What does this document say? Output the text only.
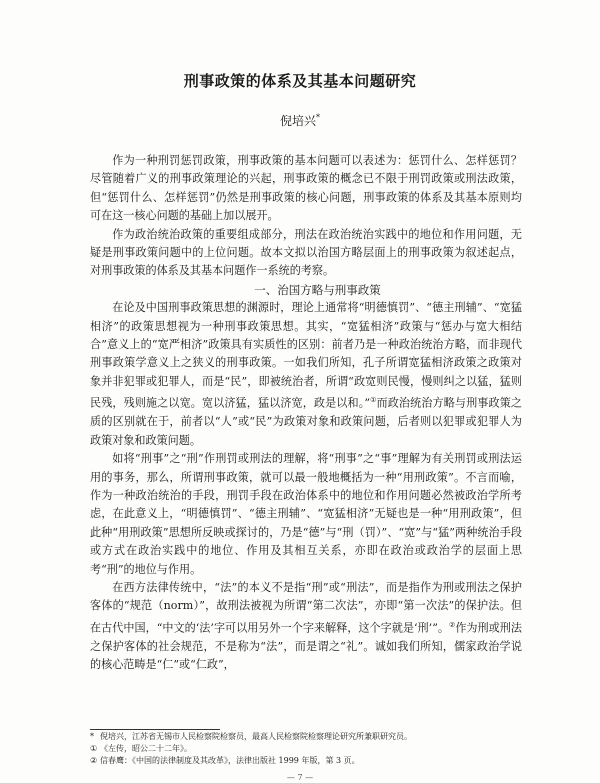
刑事政策的体系及其基本问题研究
倪培兴*

作为一种刑罚惩罚政策，刑事政策的基本问题可以表述为：惩罚什么、怎样惩罚？尽管随着广义的刑事政策理论的兴起，刑事政策的概念已不限于刑罚政策或刑法政策，但“惩罚什么、怎样惩罚”仍然是刑事政策的核心问题，刑事政策的体系及其基本原则均可在这一核心问题的基础上加以展开。

作为政治统治政策的重要组成部分，刑法在政治统治实践中的地位和作用问题，无疑是刑事政策问题中的上位问题。故本文拟以治国方略层面上的刑事政策为叙述起点，对刑事政策的体系及其基本问题作一系统的考察。

一、治国方略与刑事政策

在论及中国刑事政策思想的渊源时，理论上通常将“明德慎罚”、“德主刑辅”、“宽猛相济”的政策思想视为一种刑事政策思想。其实，“宽猛相济”政策与“惩办与宽大相结合”意义上的“宽严相济”政策具有实质性的区别：前者乃是一种政治统治方略，而非现代刑事政策学意义上之狭义的刑事政策。一如我们所知，孔子所谓宽猛相济政策之政策对象并非犯罪或犯罪人，而是“民”，即被统治者，所谓“政宽则民慢，慢则纠之以猛，猛则民残，残则施之以宽。宽以济猛，猛以济宽，政是以和。”①而政治统治方略与刑事政策之质的区别就在于，前者以“人”或“民”为政策对象和政策问题，后者则以犯罪或犯罪人为政策对象和政策问题。

如将“刑事”之“刑”作刑罚或刑法的理解，将“刑事”之“事”理解为有关刑罚或刑法运用的事务，那么，所谓刑事政策，就可以最一般地概括为一种“用刑政策”。不言而喻，作为一种政治统治的手段，刑罚手段在政治体系中的地位和作用问题必然被政治学所考虑，在此意义上，“明德慎罚”、“德主刑辅”、“宽猛相济”无疑也是一种“用刑政策”，但此种“用刑政策”思想所反映或探讨的，乃是“德”与“刑（罚）”、“宽”与“猛”两种统治手段或方式在政治实践中的地位、作用及其相互关系，亦即在政治或政治学的层面上思考“刑”的地位与作用。

在西方法律传统中，“法”的本义不是指“刑”或“刑法”，而是指作为刑或刑法之保护客体的“规范（norm）”，故刑法被视为所谓“第二次法”，亦即“第一次法”的保护法。但在古代中国，“中文的‘法’字可以用另外一个字来解释，这个字就是‘刑’”。②作为刑或刑法之保护客体的社会规范，不是称为“法”，而是谓之“礼”。诚如我们所知，儒家政治学说的核心范畴是“仁”或“仁政”，

* 倪培兴，江苏省无锡市人民检察院检察员，最高人民检察院检察理论研究所兼职研究员。
① 《左传，昭公二十二年》。
② 信春鹰：《中国的法律制度及其改革》，法律出版社 1999 年版，第 3 页。
— 7 —
